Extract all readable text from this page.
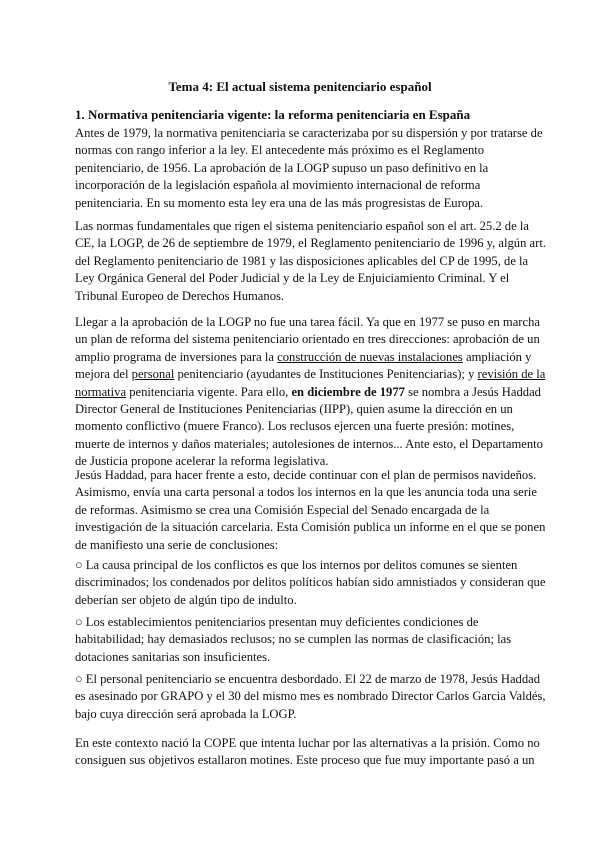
Tema 4: El actual sistema penitenciario español
1. Normativa penitenciaria vigente: la reforma penitenciaria en España
Antes de 1979, la normativa penitenciaria se caracterizaba por su dispersión y por tratarse de
normas con rango inferior a la ley. El antecedente más próximo es el Reglamento
penitenciario, de 1956. La aprobación de la LOGP supuso un paso definitivo en la
incorporación de la legislación española al movimiento internacional de reforma
penitenciaria. En su momento esta ley era una de las más progresistas de Europa.
Las normas fundamentales que rigen el sistema penitenciario español son el art. 25.2 de la
CE, la LOGP, de 26 de septiembre de 1979, el Reglamento penitenciario de 1996 y, algún art.
del Reglamento penitenciario de 1981 y las disposiciones aplicables del CP de 1995, de la
Ley Orgánica General del Poder Judicial y de la Ley de Enjuiciamiento Criminal. Y el
Tribunal Europeo de Derechos Humanos.
Llegar a la aprobación de la LOGP no fue una tarea fácil. Ya que en 1977 se puso en marcha
un plan de reforma del sistema penitenciario orientado en tres direcciones: aprobación de un
amplio programa de inversiones para la construcción de nuevas instalaciones ampliación y
mejora del personal penitenciario (ayudantes de Instituciones Penitenciarias); y revisión de la
normativa penitenciaria vigente. Para ello, en diciembre de 1977 se nombra a Jesús Haddad
Director General de Instituciones Penitenciarias (IIPP), quien asume la dirección en un
momento conflictivo (muere Franco). Los reclusos ejercen una fuerte presión: motines,
muerte de internos y daños materiales; autolesiones de internos... Ante esto, el Departamento
de Justicia propone acelerar la reforma legislativa.
Jesús Haddad, para hacer frente a esto, decide continuar con el plan de permisos navideños.
Asimismo, envía una carta personal a todos los internos en la que les anuncia toda una serie
de reformas. Asimismo se crea una Comisión Especial del Senado encargada de la
investigación de la situación carcelaria. Esta Comisión publica un informe en el que se ponen
de manifiesto una serie de conclusiones:
○ La causa principal de los conflictos es que los internos por delitos comunes se sienten
discriminados; los condenados por delitos políticos habían sido amnistiados y consideran que
deberían ser objeto de algún tipo de indulto.
○ Los establecimientos penitenciarios presentan muy deficientes condiciones de
habitabilidad; hay demasiados reclusos; no se cumplen las normas de clasificación; las
dotaciones sanitarias son insuficientes.
○ El personal penitenciario se encuentra desbordado. El 22 de marzo de 1978, Jesús Haddad
es asesinado por GRAPO y el 30 del mismo mes es nombrado Director Carlos Garcia Valdés,
bajo cuya dirección será aprobada la LOGP.
En este contexto nació la COPE que intenta luchar por las alternativas a la prisión. Como no
consiguen sus objetivos estallaron motines. Este proceso que fue muy importante pasó a un
